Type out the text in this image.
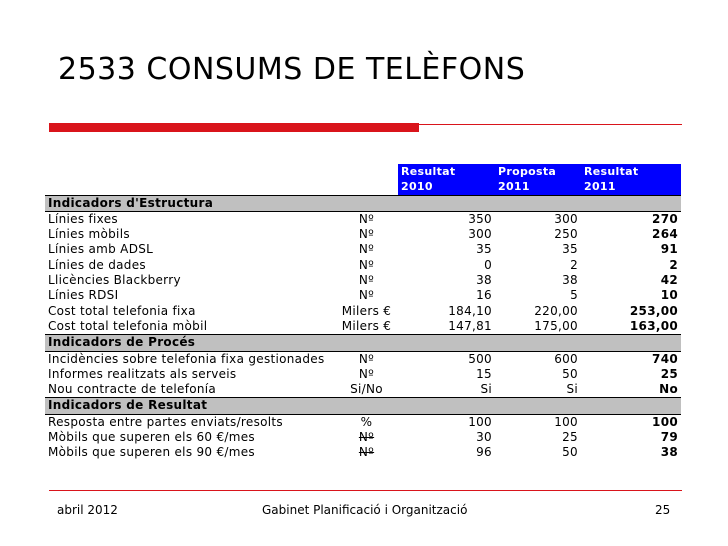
2533 CONSUMS DE TELÈFONS
		Resultat	Proposta	Resultat
		2010	2011	2011
Indicadors d'Estructura				
Línies fixes	Nº	350	300	270
Línies mòbils	Nº	300	250	264
Línies amb ADSL	Nº	35	35	91
Línies de dades	Nº	0	2	2
Llicències Blackberry	Nº	38	38	42
Línies RDSI	Nº	16	5	10
Cost total telefonia fixa	Milers €	184,10	220,00	253,00
Cost total telefonia mòbil	Milers €	147,81	175,00	163,00
Indicadors de Procés				
Incidències sobre telefonia fixa gestionades	Nº	500	600	740
Informes realitzats als serveis	Nº	15	50	25
Nou contracte de telefonía	Si/No	Si	Si	No
Indicadors de Resultat				
Resposta entre partes enviats/resolts	%	100	100	100
Mòbils que superen els 60 €/mes	Nº	30	25	79
Mòbils que superen els 90 €/mes	Nº	96	50	38
abril 2012	Gabinet Planificació i Organització	25
